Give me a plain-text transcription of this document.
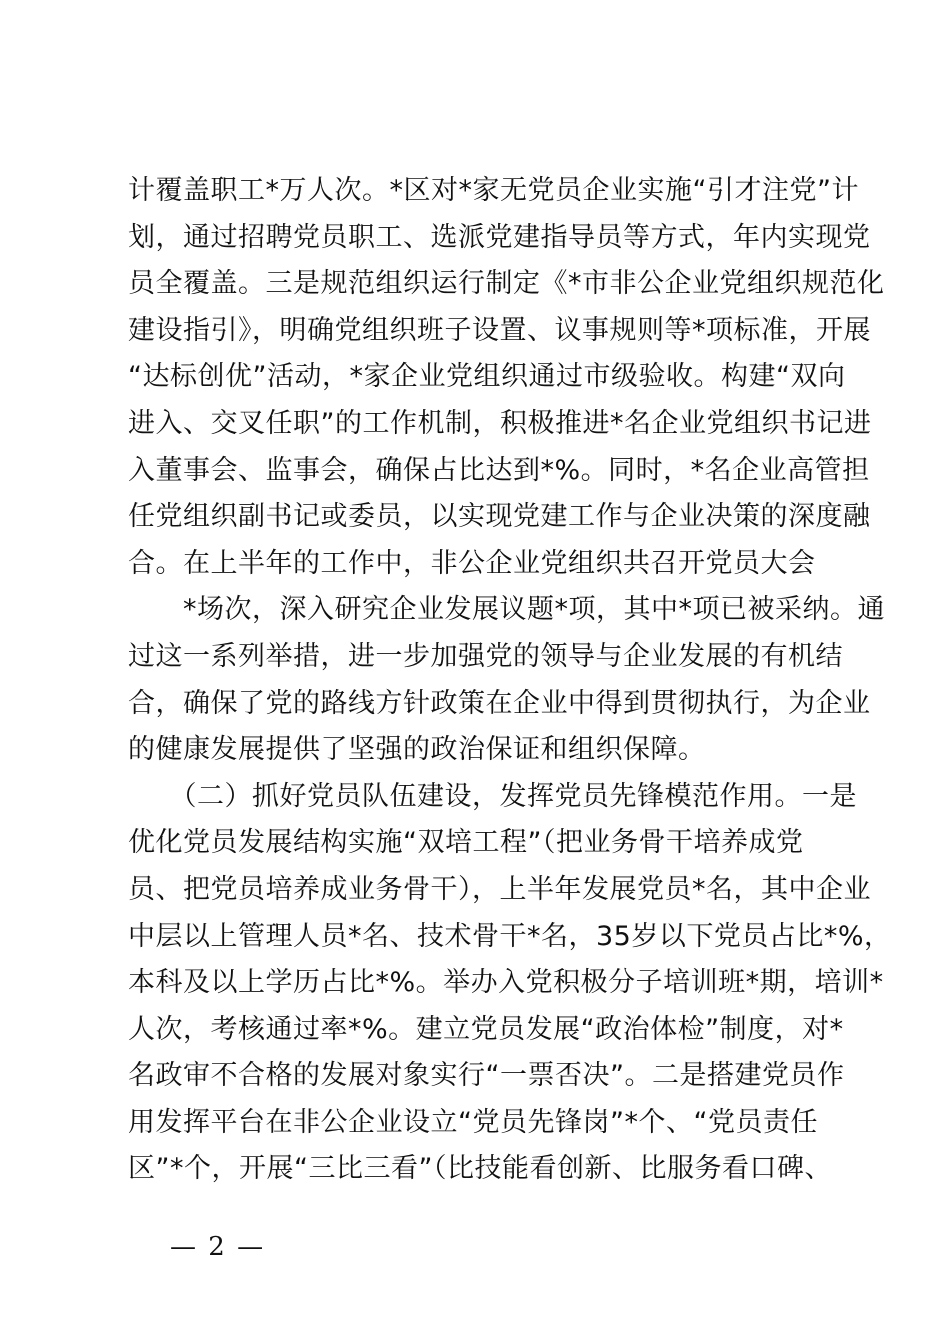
计覆盖职工*万人次。*区对*家无党员企业实施“引才注党”计
划，通过招聘党员职工、选派党建指导员等方式，年内实现党
员全覆盖。三是规范组织运行制定《*市非公企业党组织规范化
建设指引》，明确党组织班子设置、议事规则等*项标准，开展
“达标创优”活动，*家企业党组织通过市级验收。构建“双向
进入、交叉任职”的工作机制，积极推进*名企业党组织书记进
入董事会、监事会，确保占比达到*%。同时，*名企业高管担
任党组织副书记或委员，以实现党建工作与企业决策的深度融
合。在上半年的工作中，非公企业党组织共召开党员大会
　　*场次，深入研究企业发展议题*项，其中*项已被采纳。通
过这一系列举措，进一步加强党的领导与企业发展的有机结
合，确保了党的路线方针政策在企业中得到贯彻执行，为企业
的健康发展提供了坚强的政治保证和组织保障。
　　（二）抓好党员队伍建设，发挥党员先锋模范作用。一是
优化党员发展结构实施“双培工程”（把业务骨干培养成党
员、把党员培养成业务骨干），上半年发展党员*名，其中企业
中层以上管理人员*名、技术骨干*名，35岁以下党员占比*%，
本科及以上学历占比*%。举办入党积极分子培训班*期，培训*
人次，考核通过率*%。建立党员发展“政治体检”制度，对*
名政审不合格的发展对象实行“一票否决”。二是搭建党员作
用发挥平台在非公企业设立“党员先锋岗”*个、“党员责任
区”*个，开展“三比三看”（比技能看创新、比服务看口碑、
— 2 —
